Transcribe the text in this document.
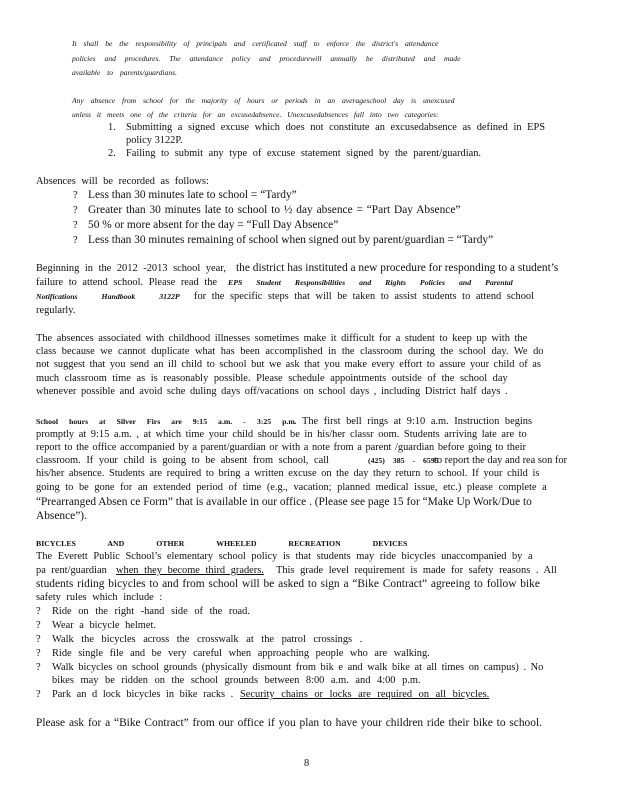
It shall be the responsibility of principals and certificated staff to enforce the district's attendance
policies and procedures. The attendance policy and procedurewill annually be distributed and made
available to parents/guardians.
Any absence from school for the majority of hours or periods in an averageschool day is unexcused
unless it meets one of the criteria for an excusedabsence. Unexcusedabsences fall into two categories:
1. Submitting a signed excuse which does not constitute an excusedabsence as defined in EPS
policy 3122P.
2. Failing to submit any type of excuse statement signed by the parent/guardian.
Absences will be recorded as follows:
? Less than 30 minutes late to school = “Tardy”
? Greater than 30 minutes late to school to ½ day absence = “Part Day Absence”
? 50 % or more absent for the day = “Full Day Absence”
? Less than 30 minutes remaining of school when signed out by parent/guardian = “Tardy”
Beginning in the 2012 -2013 school year, the district has instituted a new procedure for responding to a student’s
failure to attend school. Please read the EPS Student Responsibilities and Rights Policies and Parental
Notifications Handbook 3122P for the specific steps that will be taken to assist students to attend school
regularly.
The absences associated with childhood illnesses sometimes make it difficult for a student to keep up with the
class because we cannot duplicate what has been accomplished in the classroom during the school day. We do
not suggest that you send an ill child to school but we ask that you make every effort to assure your child of as
much classroom time as is reasonably possible. Please schedule appointments outside of the school day
whenever possible and avoid sche duling days off/vacations on school days , including District half days .
School hours at Silver Firs are 9:15 a.m. - 3:25 p.m . The first bell rings at 9:10 a.m. Instruction begins
promptly at 9:15 a.m. , at which time your child should be in his/her classr oom. Students arriving late are to
report to the office accompanied by a parent/guardian or with a note from a parent /guardian before going to their
classroom. If your child is going to be absent from school, call	(425) 385 - 6595
to report the day and rea son for
his/her absence. Students are required to bring a written excuse on the day they return to school. If your child is
going to be gone for an extended period of time (e.g., vacation; planned medical issue, etc.) please complete a
“Prearranged Absen ce Form” that is available in our office . (Please see page 15 for “Make Up Work/Due to
Absence”).
BICYCLES AND OTHER WHEELED RECREATION DEVICES
The Everett Public School’s elementary school policy is that students may ride bicycles unaccompanied by a
pa rent/guardian when they become third graders. This grade level requirement is made for safety reasons . All
students riding bicycles to and from school will be asked to sign a “Bike Contract” agreeing to follow bike
safety rules which include :
? Ride on the right -hand side of the road.
? Wear a bicycle helmet.
? Walk the bicycles across the crosswalk at the patrol crossings .
? Ride single file and be very careful when approaching people who are walking.
? Walk bicycles on school grounds (physically dismount from bik e and walk bike at all times on campus) . No
bikes may be ridden on the school grounds between 8:00 a.m. and 4:00 p.m.
? Park an d lock bicycles in bike racks . Security chains or locks are required on all bicycles.
Please ask for a “Bike Contract” from our office if you plan to have your children ride their bike to school.
8
